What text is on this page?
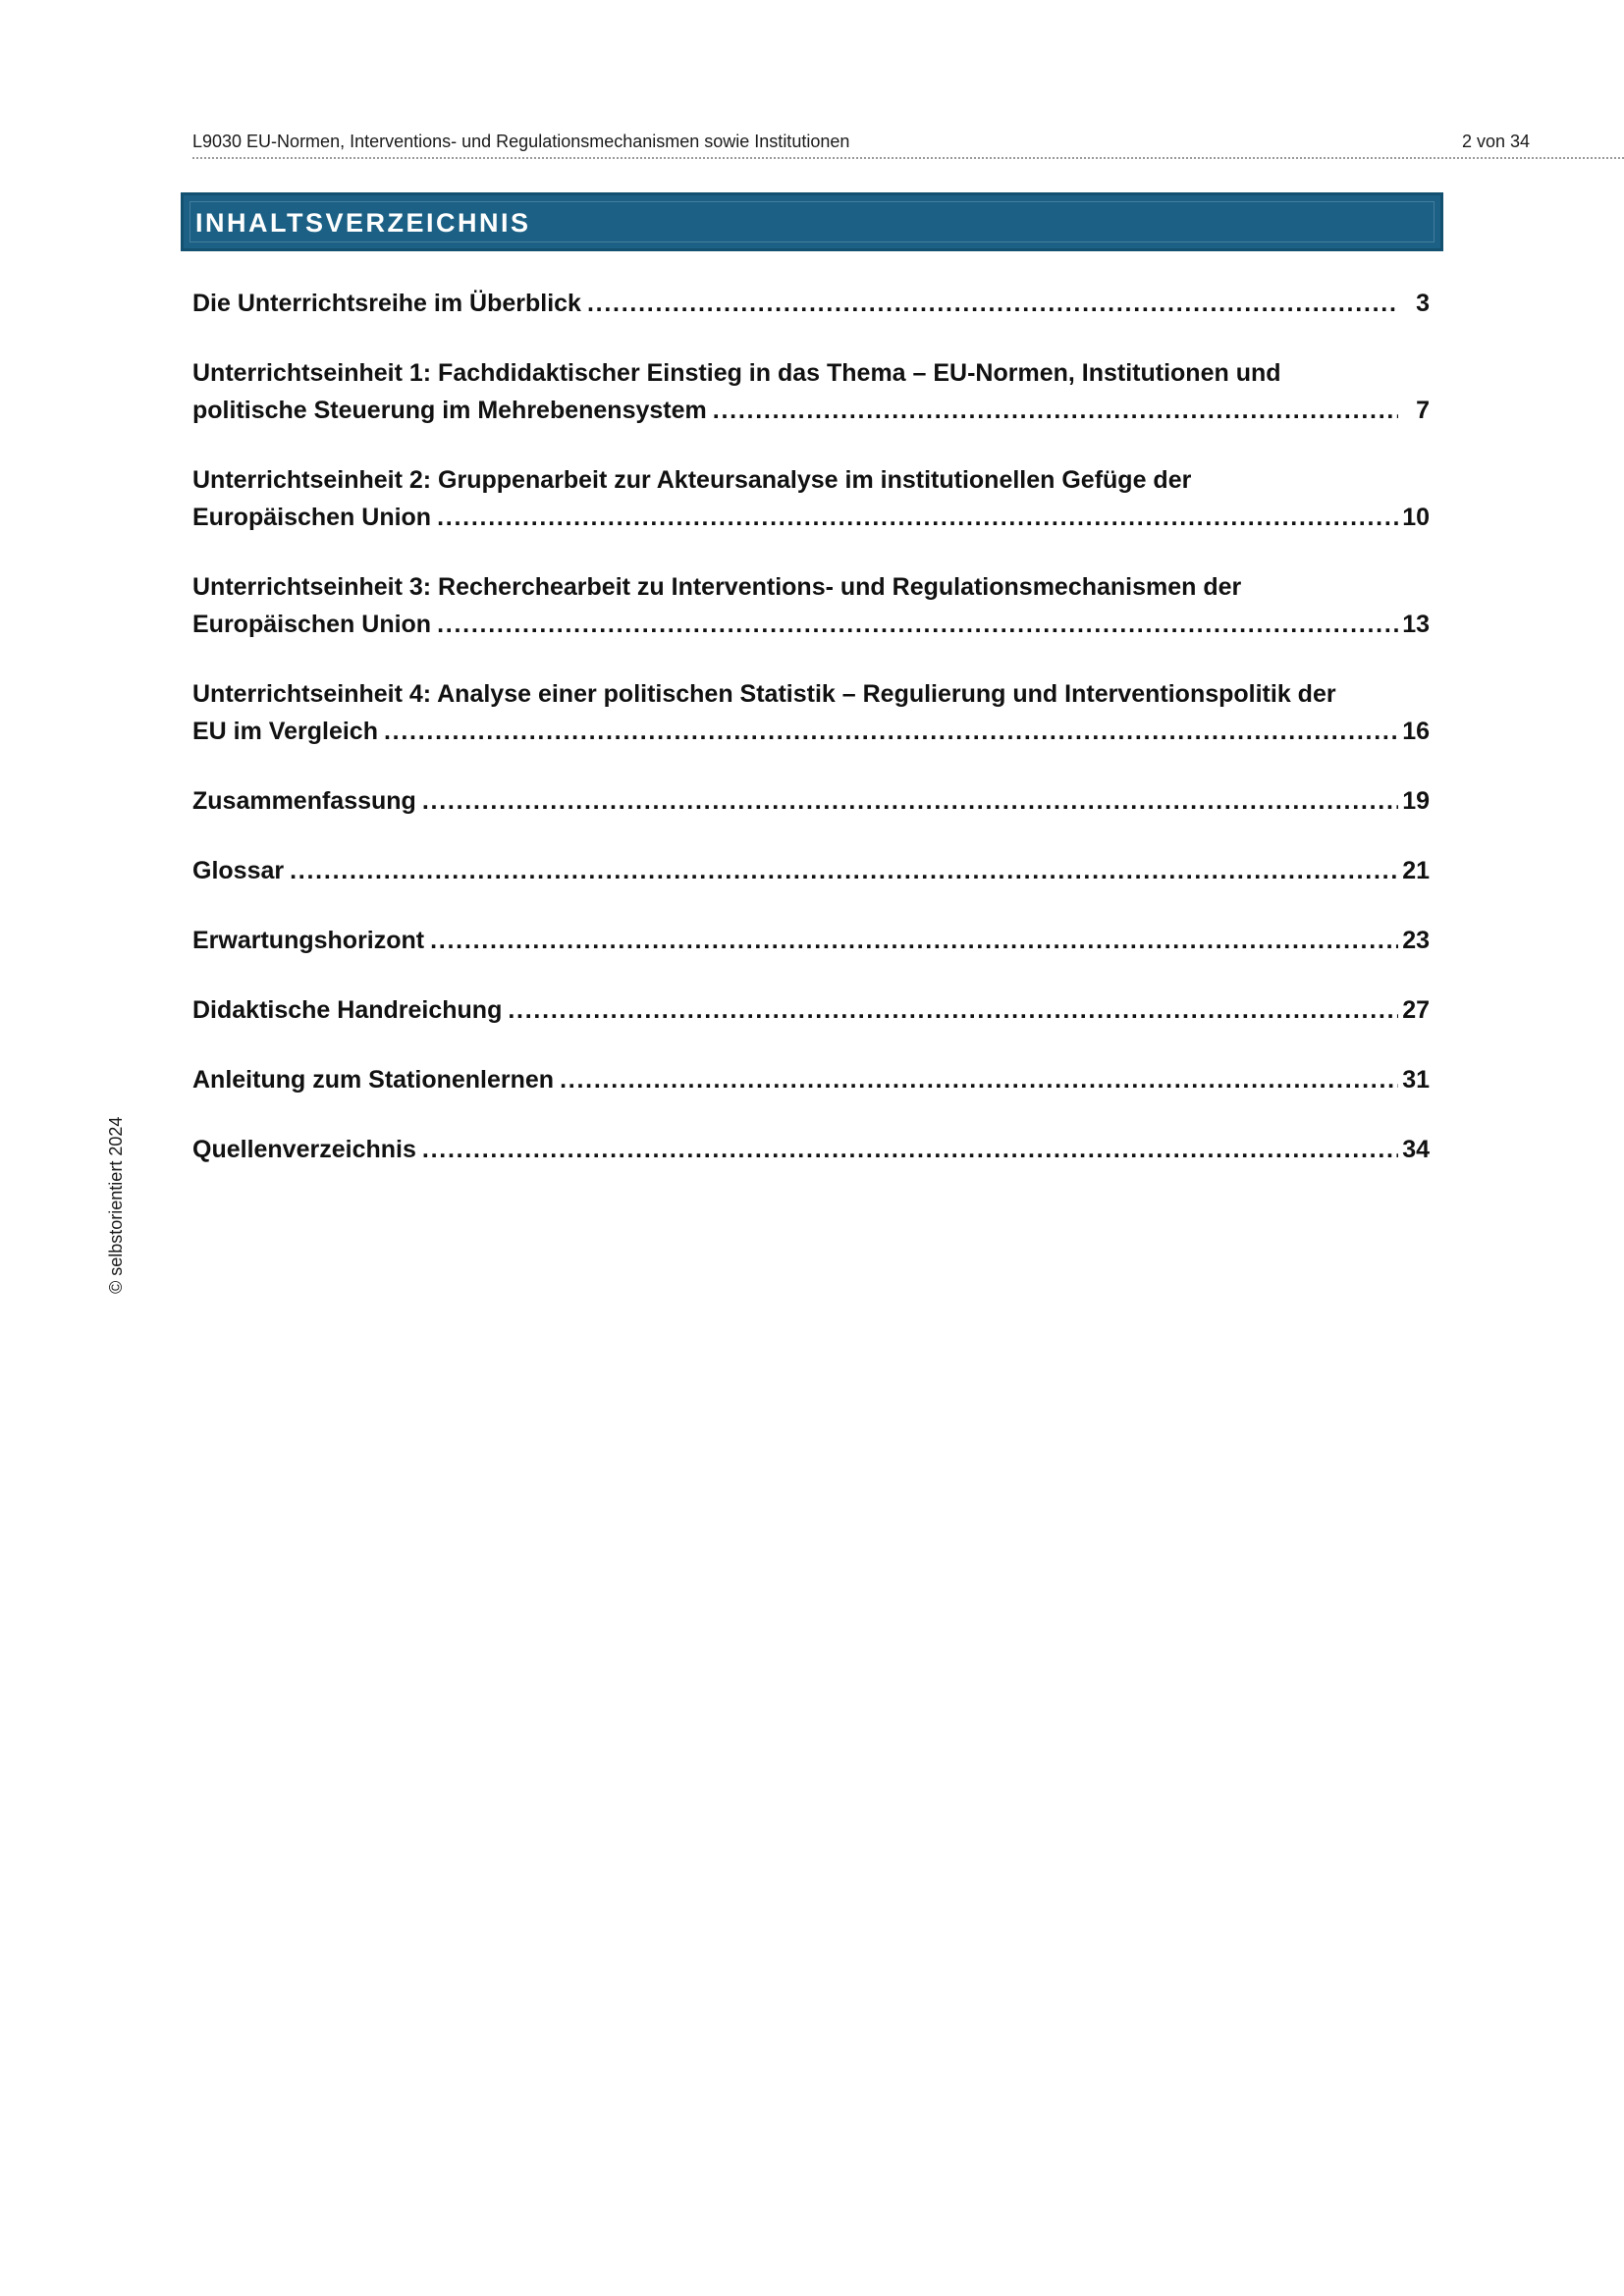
L9030 EU-Normen, Interventions- und Regulationsmechanismen sowie Institutionen	2 von 34
INHALTSVERZEICHNIS
Die Unterrichtsreihe im Überblick . . .	3
Unterrichtseinheit 1: Fachdidaktischer Einstieg in das Thema – EU-Normen, Institutionen und
politische Steuerung im Mehrebenensystem . . .	7
Unterrichtseinheit 2: Gruppenarbeit zur Akteursanalyse im institutionellen Gefüge der
Europäischen Union . . .	10
Unterrichtseinheit 3: Recherchearbeit zu Interventions- und Regulationsmechanismen der
Europäischen Union . . .	13
Unterrichtseinheit 4: Analyse einer politischen Statistik – Regulierung und Interventionspolitik der
EU im Vergleich . . .	16
Zusammenfassung . . .	19
Glossar . . .	21
Erwartungshorizont . . .	23
Didaktische Handreichung . . .	27
Anleitung zum Stationenlernen . . .	31
Quellenverzeichnis . . .	34
© selbstorientiert 2024
